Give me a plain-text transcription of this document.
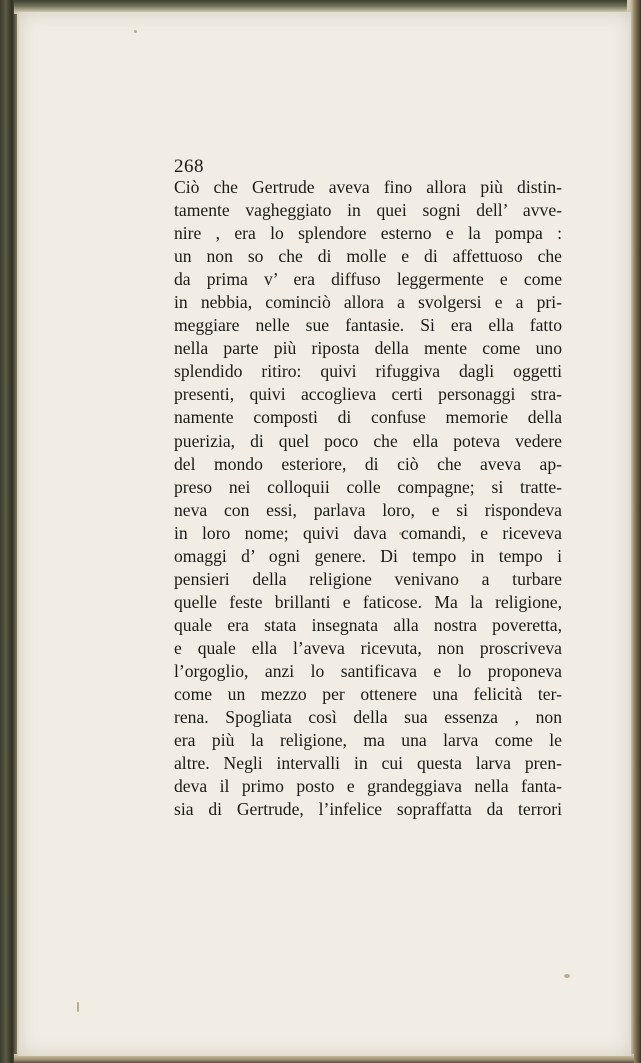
268
Ciò che Gertrude aveva fino allora più distin-
tamente vagheggiato in quei sogni dell’ avve-
nire , era lo splendore esterno e la pompa :
un non so che di molle e di affettuoso che
da prima v’ era diffuso leggermente e come
in nebbia, cominciò allora a svolgersi e a pri-
meggiare nelle sue fantasie. Si era ella fatto
nella parte più riposta della mente come uno
splendido ritiro: quivi rifuggiva dagli oggetti
presenti, quivi accoglieva certi personaggi stra-
namente composti di confuse memorie della
puerizia, di quel poco che ella poteva vedere
del mondo esteriore, di ciò che aveva ap-
preso nei colloquii colle compagne; si tratte-
neva con essi, parlava loro, e si rispondeva
in loro nome; quivi dava comandi, e riceveva
omaggi d’ ogni genere. Di tempo in tempo i
pensieri della religione venivano a turbare
quelle feste brillanti e faticose. Ma la religione,
quale era stata insegnata alla nostra poveretta,
e quale ella l’aveva ricevuta, non proscriveva
l’orgoglio, anzi lo santificava e lo proponeva
come un mezzo per ottenere una felicità ter-
rena. Spogliata così della sua essenza , non
era più la religione, ma una larva come le
altre. Negli intervalli in cui questa larva pren-
deva il primo posto e grandeggiava nella fanta-
sia di Gertrude, l’infelice sopraffatta da terrori
